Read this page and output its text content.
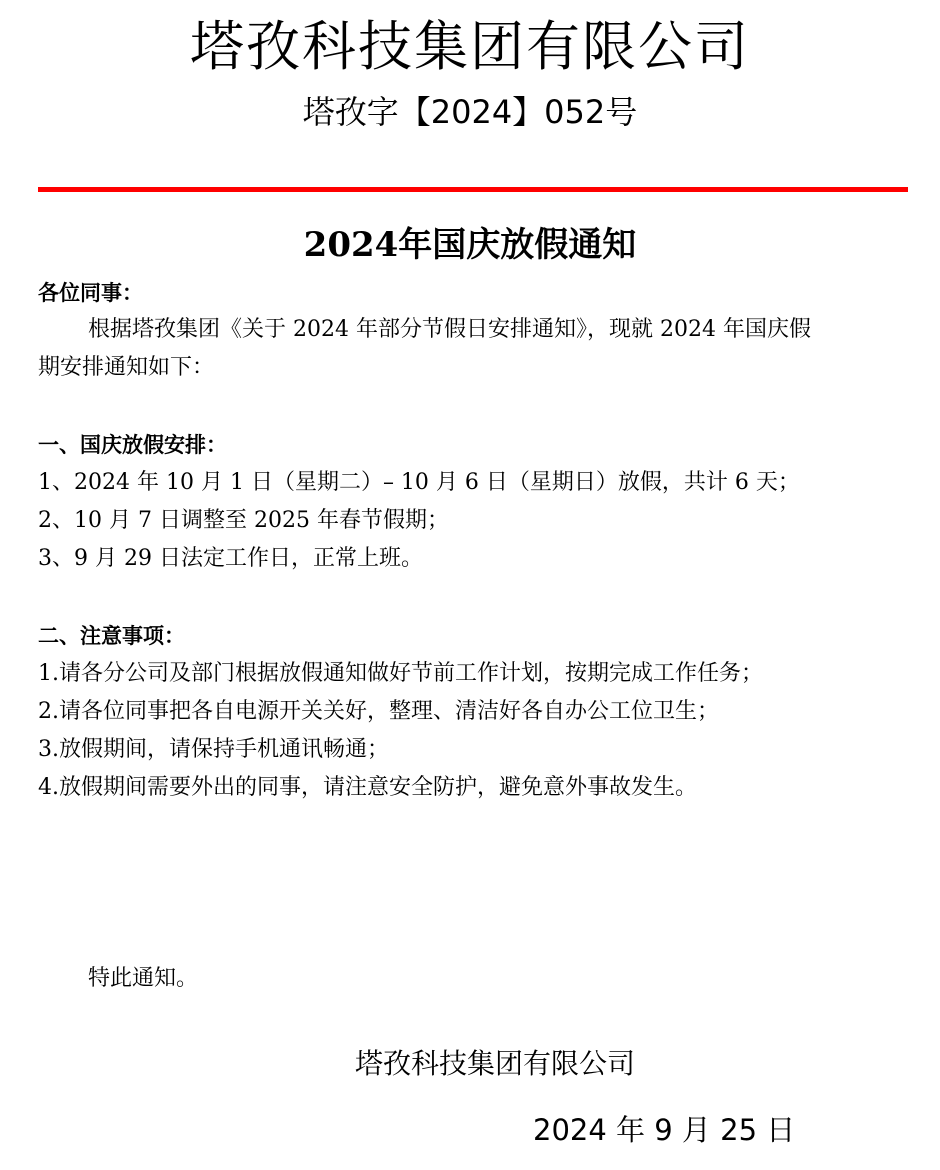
塔孜科技集团有限公司
塔孜字【2024】052号
2024年国庆放假通知
各位同事：
根据塔孜集团《关于 2024 年部分节假日安排通知》，现就 2024 年国庆假
期安排通知如下：
一、国庆放假安排：
1、2024 年 10 月 1 日（星期二）– 10 月 6 日（星期日）放假，共计 6 天；
2、10 月 7 日调整至 2025 年春节假期；
3、9 月 29 日法定工作日，正常上班。
二、注意事项：
1.请各分公司及部门根据放假通知做好节前工作计划，按期完成工作任务；
2.请各位同事把各自电源开关关好，整理、清洁好各自办公工位卫生；
3.放假期间，请保持手机通讯畅通；
4.放假期间需要外出的同事，请注意安全防护，避免意外事故发生。
特此通知。
塔孜科技集团有限公司
2024 年 9 月 25 日
